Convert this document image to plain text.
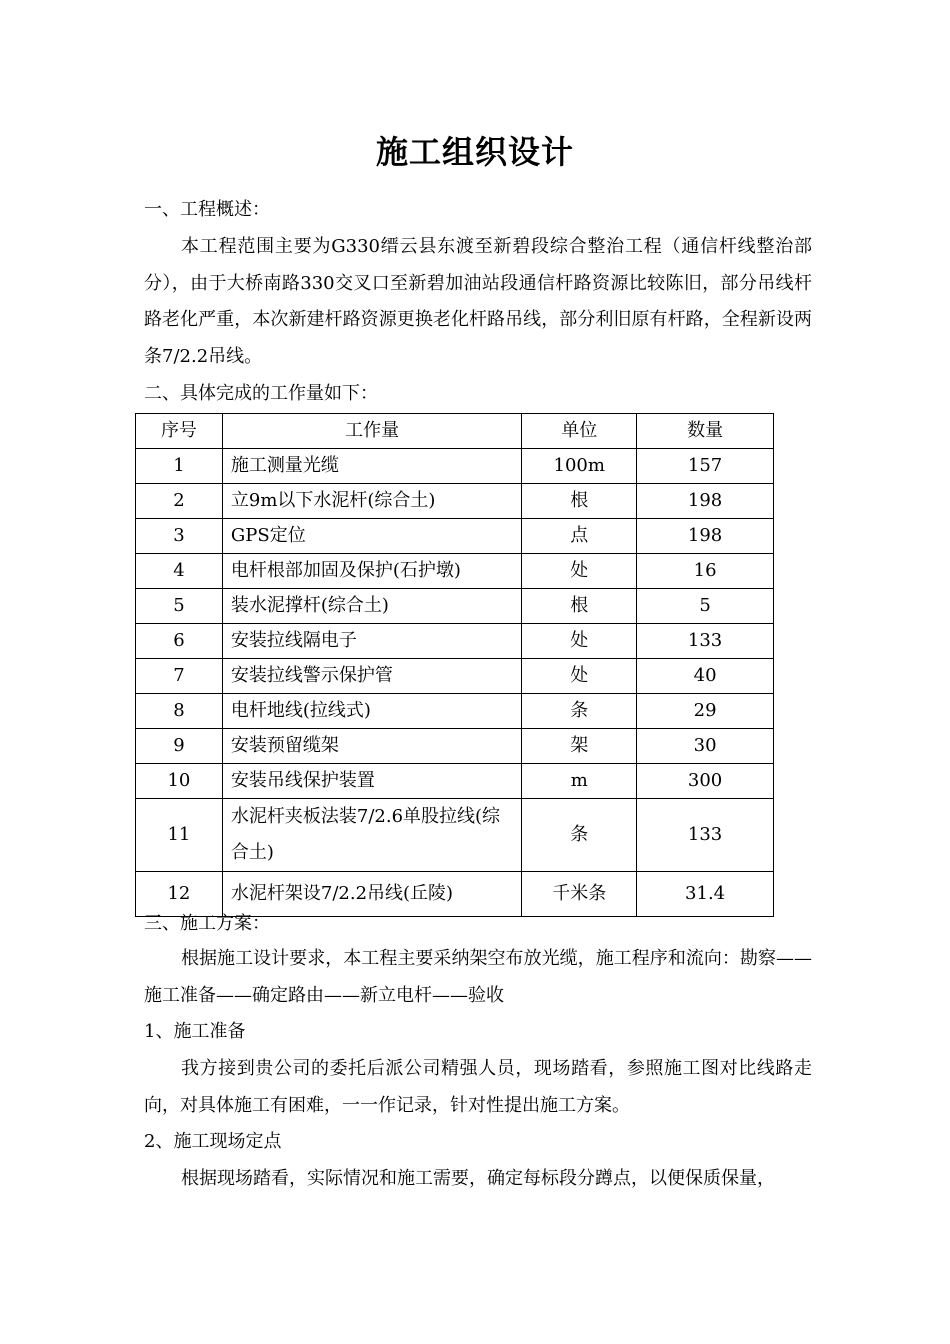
施工组织设计

一、工程概述：

本工程范围主要为G330缙云县东渡至新碧段综合整治工程（通信杆线整治部分），由于大桥南路330交叉口至新碧加油站段通信杆路资源比较陈旧，部分吊线杆路老化严重，本次新建杆路资源更换老化杆路吊线，部分利旧原有杆路，全程新设两条7/2.2吊线。

二、具体完成的工作量如下：

序号	工作量	单位	数量
1	施工测量光缆	100m	157
2	立9m以下水泥杆(综合土)	根	198
3	GPS定位	点	198
4	电杆根部加固及保护(石护墩)	处	16
5	装水泥撑杆(综合土)	根	5
6	安装拉线隔电子	处	133
7	安装拉线警示保护管	处	40
8	电杆地线(拉线式)	条	29
9	安装预留缆架	架	30
10	安装吊线保护装置	m	300
11	水泥杆夹板法装7/2.6单股拉线(综合土)	条	133
12	水泥杆架设7/2.2吊线(丘陵)	千米条	31.4

三、施工方案：

根据施工设计要求，本工程主要采纳架空布放光缆，施工程序和流向：勘察——施工准备——确定路由——新立电杆——验收

1、施工准备

我方接到贵公司的委托后派公司精强人员，现场踏看，参照施工图对比线路走向，对具体施工有困难，一一作记录，针对性提出施工方案。

2、施工现场定点

根据现场踏看，实际情况和施工需要，确定每标段分蹲点，以便保质保量，
